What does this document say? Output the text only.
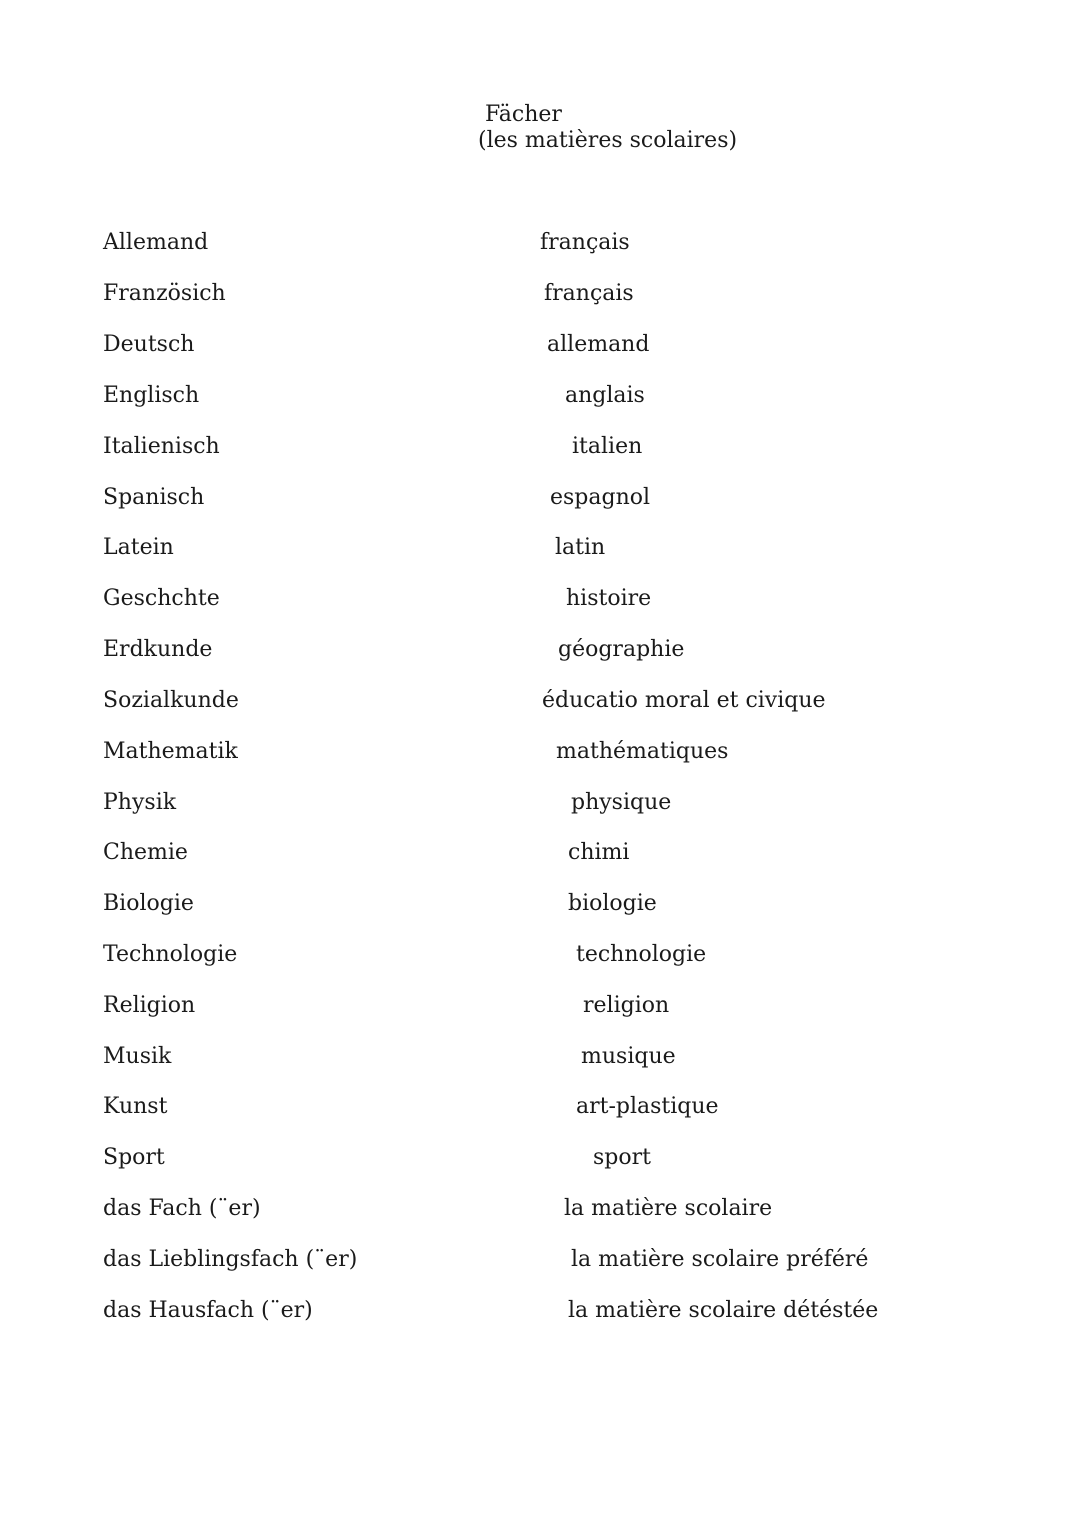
Fächer
(les matières scolaires)
Allemand	français
Französich	français
Deutsch	allemand
Englisch	anglais
Italienisch	italien
Spanisch	espagnol
Latein	latin
Geschchte	histoire
Erdkunde	géographie
Sozialkunde	éducatio moral et civique
Mathematik	mathématiques
Physik	physique
Chemie	chimi
Biologie	biologie
Technologie	technologie
Religion	religion
Musik	musique
Kunst	art-plastique
Sport	sport
das Fach (¨er)	la matière scolaire
das Lieblingsfach (¨er)	la matière scolaire préféré
das Hausfach (¨er)	la matière scolaire détéstée
